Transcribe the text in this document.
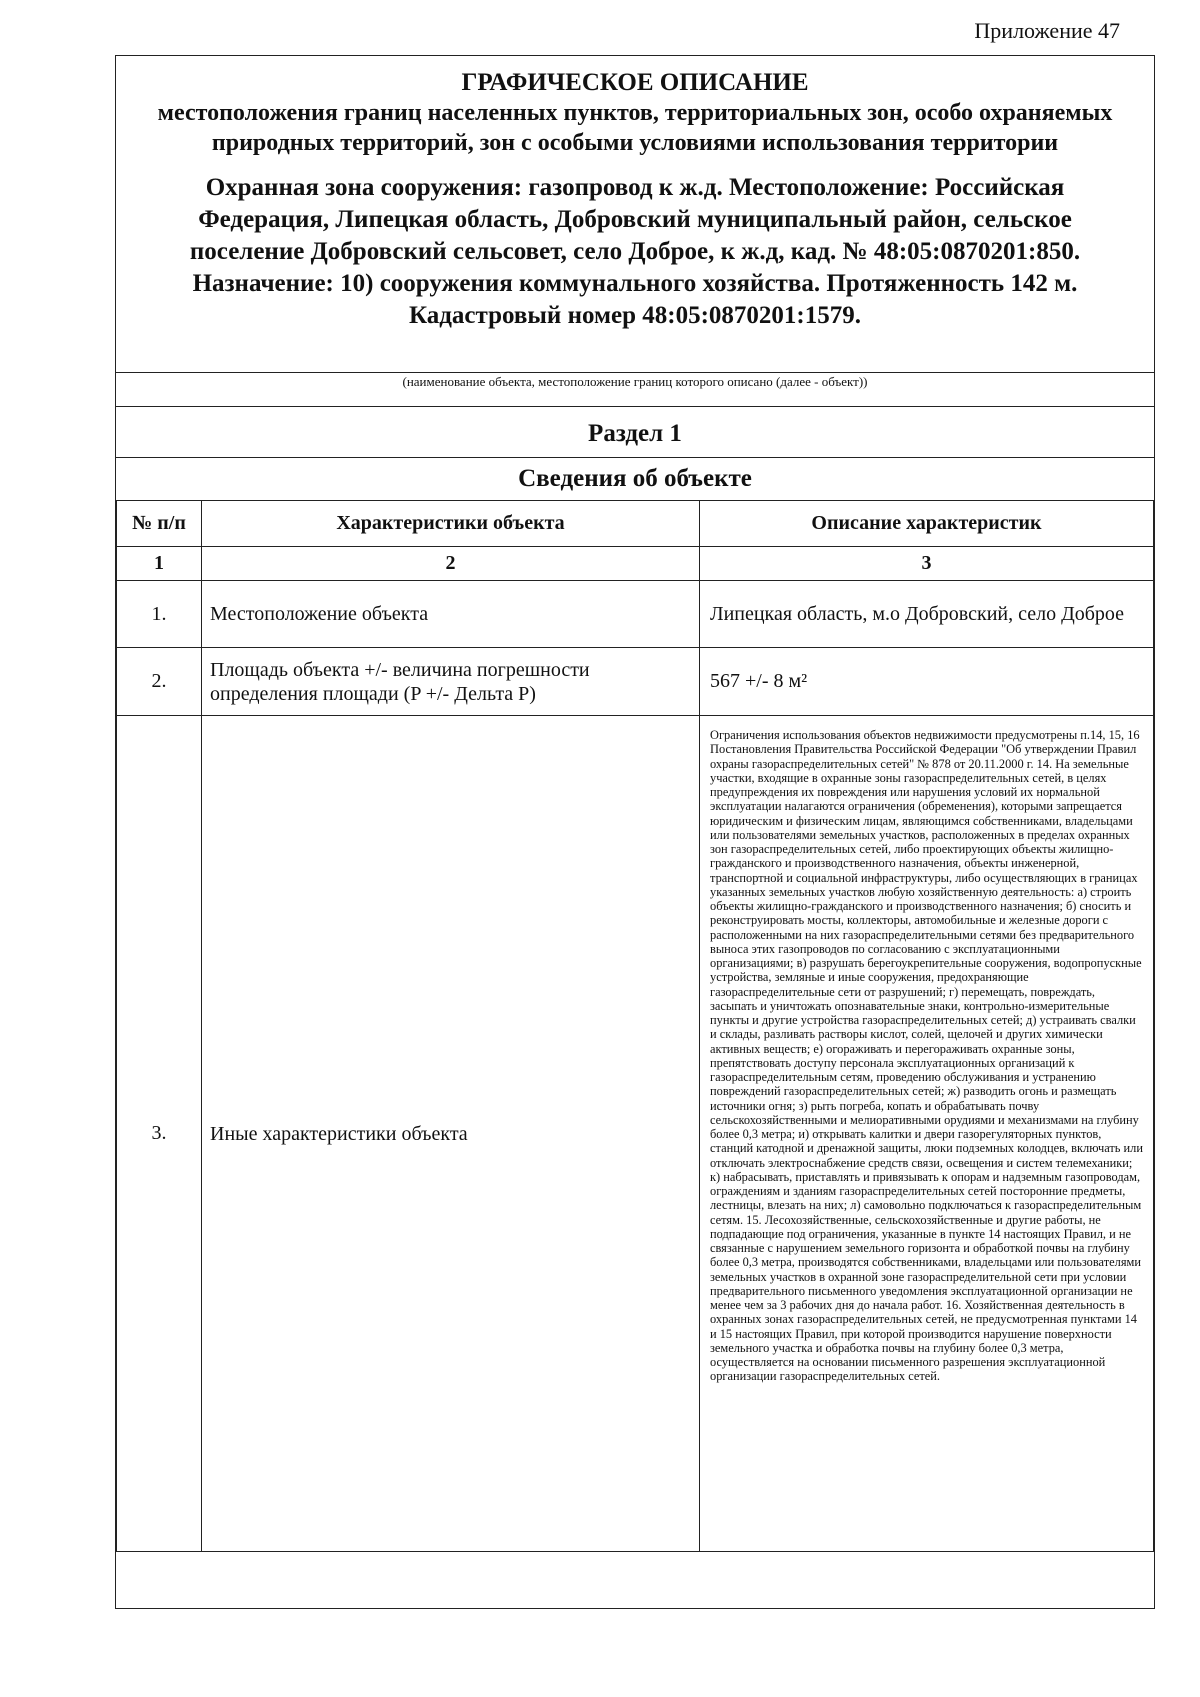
Приложение 47
ГРАФИЧЕСКОЕ ОПИСАНИЕ
местоположения границ населенных пунктов, территориальных зон, особо охраняемых природных территорий, зон с особыми условиями использования территории
Охранная зона сооружения: газопровод к ж.д. Местоположение: Российская Федерация, Липецкая область, Добровский муниципальный район, сельское поселение Добровский сельсовет, село Доброе, к ж.д, кад. № 48:05:0870201:850. Назначение: 10) сооружения коммунального хозяйства. Протяженность 142 м. Кадастровый номер 48:05:0870201:1579.
(наименование объекта, местоположение границ которого описано (далее - объект))
Раздел 1
Сведения об объекте
№ п/п	Характеристики объекта	Описание характеристик
1	2	3
1.	Местоположение объекта	Липецкая область, м.о Добровский, село Доброе
2.	Площадь объекта +/- величина погрешности определения площади (P +/- Дельта P)	567 +/- 8 м²
3.	Иные характеристики объекта	Ограничения использования объектов недвижимости предусмотрены п.14, 15, 16 Постановления Правительства Российской Федерации "Об утверждении Правил охраны газораспределительных сетей" № 878 от 20.11.2000 г. 14. На земельные участки, входящие в охранные зоны газораспределительных сетей, в целях предупреждения их повреждения или нарушения условий их нормальной эксплуатации налагаются ограничения (обременения), которыми запрещается юридическим и физическим лицам, являющимся собственниками, владельцами или пользователями земельных участков, расположенных в пределах охранных зон газораспределительных сетей, либо проектирующих объекты жилищно-гражданского и производственного назначения, объекты инженерной, транспортной и социальной инфраструктуры, либо осуществляющих в границах указанных земельных участков любую хозяйственную деятельность: а) строить объекты жилищно-гражданского и производственного назначения; б) сносить и реконструировать мосты, коллекторы, автомобильные и железные дороги с расположенными на них газораспределительными сетями без предварительного выноса этих газопроводов по согласованию с эксплуатационными организациями; в) разрушать берегоукрепительные сооружения, водопропускные устройства, земляные и иные сооружения, предохраняющие газораспределительные сети от разрушений; г) перемещать, повреждать, засыпать и уничтожать опознавательные знаки, контрольно-измерительные пункты и другие устройства газораспределительных сетей; д) устраивать свалки и склады, разливать растворы кислот, солей, щелочей и других химически активных веществ; е) огораживать и перегораживать охранные зоны, препятствовать доступу персонала эксплуатационных организаций к газораспределительным сетям, проведению обслуживания и устранению повреждений газораспределительных сетей; ж) разводить огонь и размещать источники огня; з) рыть погреба, копать и обрабатывать почву сельскохозяйственными и мелиоративными орудиями и механизмами на глубину более 0,3 метра; и) открывать калитки и двери газорегуляторных пунктов, станций катодной и дренажной защиты, люки подземных колодцев, включать или отключать электроснабжение средств связи, освещения и систем телемеханики; к) набрасывать, приставлять и привязывать к опорам и надземным газопроводам, ограждениям и зданиям газораспределительных сетей посторонние предметы, лестницы, влезать на них; л) самовольно подключаться к газораспределительным сетям. 15. Лесохозяйственные, сельскохозяйственные и другие работы, не подпадающие под ограничения, указанные в пункте 14 настоящих Правил, и не связанные с нарушением земельного горизонта и обработкой почвы на глубину более 0,3 метра, производятся собственниками, владельцами или пользователями земельных участков в охранной зоне газораспределительной сети при условии предварительного письменного уведомления эксплуатационной организации не менее чем за 3 рабочих дня до начала работ. 16. Хозяйственная деятельность в охранных зонах газораспределительных сетей, не предусмотренная пунктами 14 и 15 настоящих Правил, при которой производится нарушение поверхности земельного участка и обработка почвы на глубину более 0,3 метра, осуществляется на основании письменного разрешения эксплуатационной организации газораспределительных сетей.
